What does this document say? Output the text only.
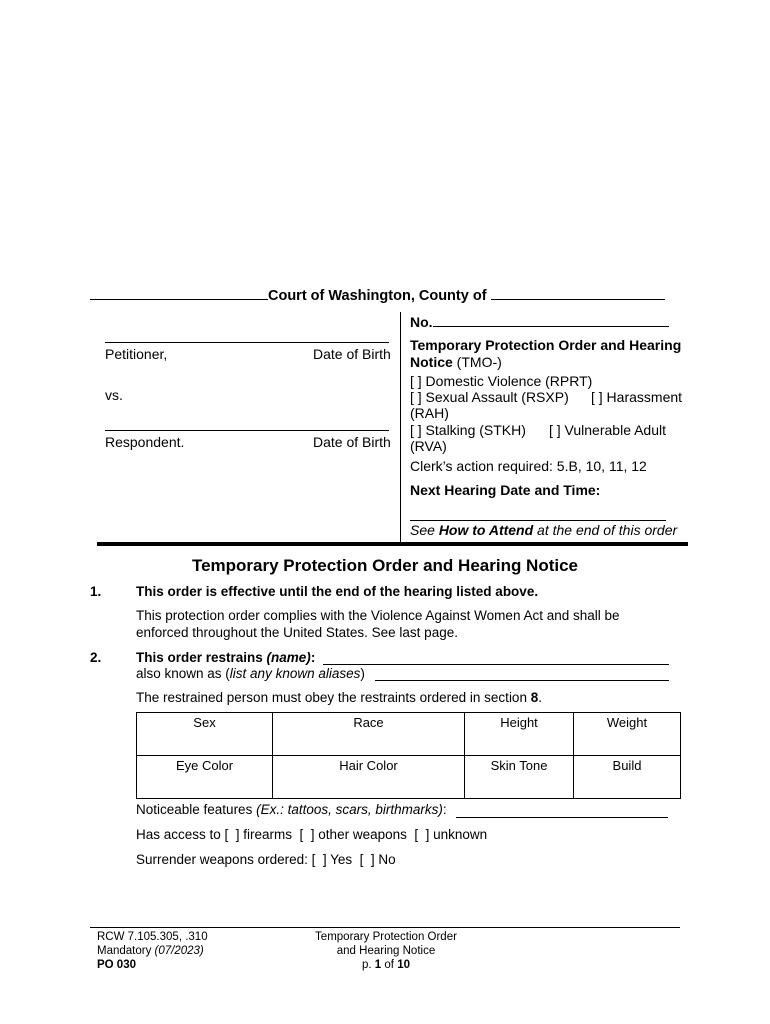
Court of Washington, County of
Petitioner,	Date of Birth
vs.
Respondent.	Date of Birth
No.
Temporary Protection Order and Hearing Notice (TMO-)
[ ] Domestic Violence (RPRT)
[ ] Sexual Assault (RSXP) [ ] Harassment
(RAH)
[ ] Stalking (STKH) [ ] Vulnerable Adult
(RVA)
Clerk’s action required: 5.B, 10, 11, 12
Next Hearing Date and Time:
See How to Attend at the end of this order
Temporary Protection Order and Hearing Notice
1.	This order is effective until the end of the hearing listed above.
This protection order complies with the Violence Against Women Act and shall be
enforced throughout the United States. See last page.
2.	This order restrains (name):
also known as (list any known aliases)
The restrained person must obey the restraints ordered in section 8.
Sex	Race	Height	Weight
Eye Color	Hair Color	Skin Tone	Build
Noticeable features (Ex.: tattoos, scars, birthmarks):
Has access to [  ] firearms  [  ] other weapons  [  ] unknown
Surrender weapons ordered: [  ] Yes  [  ] No
RCW 7.105.305, .310
Mandatory (07/2023)
PO 030
Temporary Protection Order
and Hearing Notice
p. 1 of 10
